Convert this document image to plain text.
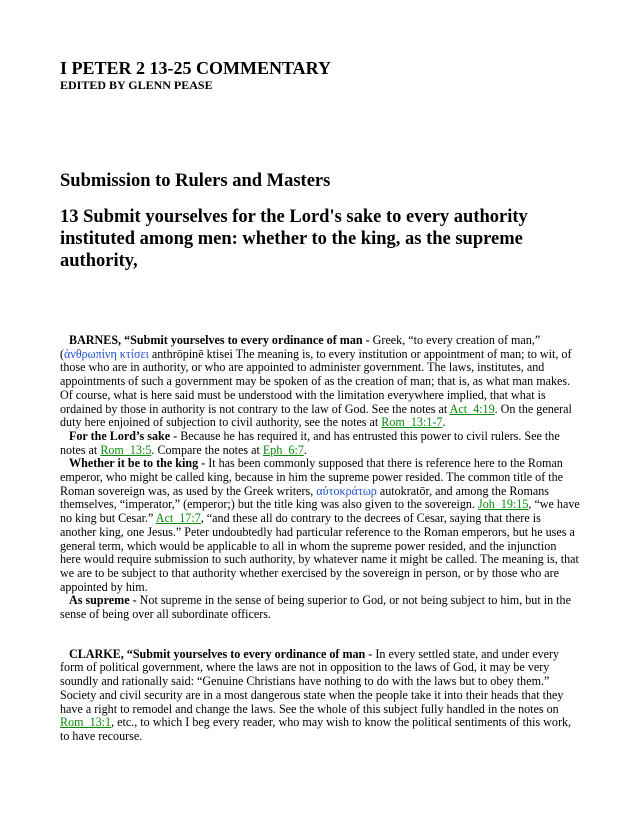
I PETER 2 13-25 COMMENTARY
EDITED BY GLENN PEASE
Submission to Rulers and Masters
13 Submit yourselves for the Lord's sake to every authority instituted among men: whether to the king, as the supreme authority,

BARNES, “Submit yourselves to every ordinance of man - Greek, “to every creation of man,” (ἀνθρωπίνη κτίσει anthrōpinē ktisei The meaning is, to every institution or appointment of man; to wit, of those who are in authority, or who are appointed to administer government. The laws, institutes, and appointments of such a government may be spoken of as the creation of man; that is, as what man makes. Of course, what is here said must be understood with the limitation everywhere implied, that what is ordained by those in authority is not contrary to the law of God. See the notes at Act_4:19. On the general duty here enjoined of subjection to civil authority, see the notes at Rom_13:1-7.

For the Lord’s sake - Because he has required it, and has entrusted this power to civil rulers. See the notes at Rom_13:5. Compare the notes at Eph_6:7.

Whether it be to the king - It has been commonly supposed that there is reference here to the Roman emperor, who might be called king, because in him the supreme power resided. The common title of the Roman sovereign was, as used by the Greek writers, αὐτοκράτωρ autokratōr, and among the Romans themselves, “imperator,” (emperor;) but the title king was also given to the sovereign. Joh_19:15, “we have no king but Cesar.” Act_17:7, “and these all do contrary to the decrees of Cesar, saying that there is another king, one Jesus.” Peter undoubtedly had particular reference to the Roman emperors, but he uses a general term, which would be applicable to all in whom the supreme power resided, and the injunction here would require submission to such authority, by whatever name it might be called. The meaning is, that we are to be subject to that authority whether exercised by the sovereign in person, or by those who are appointed by him.

As supreme - Not supreme in the sense of being superior to God, or not being subject to him, but in the sense of being over all subordinate officers.

CLARKE, “Submit yourselves to every ordinance of man - In every settled state, and under every form of political government, where the laws are not in opposition to the laws of God, it may be very soundly and rationally said: “Genuine Christians have nothing to do with the laws but to obey them.” Society and civil security are in a most dangerous state when the people take it into their heads that they have a right to remodel and change the laws. See the whole of this subject fully handled in the notes on Rom_13:1, etc., to which I beg every reader, who may wish to know the political sentiments of this work, to have recourse.
